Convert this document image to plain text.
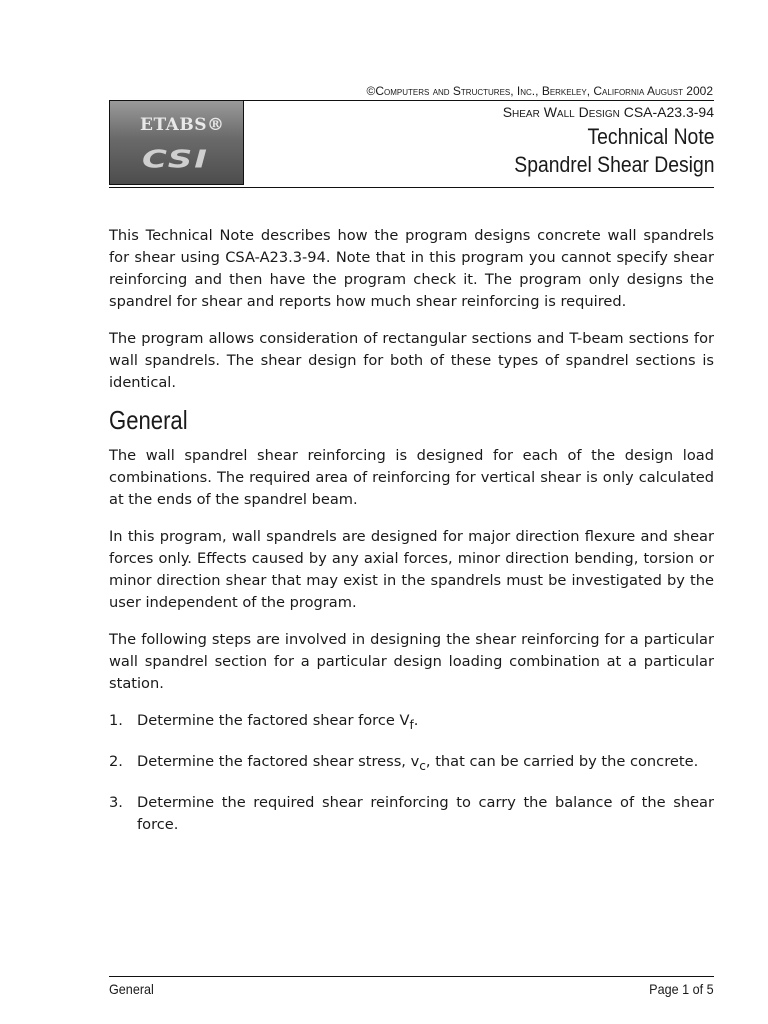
©Computers and Structures, Inc., Berkeley, California August 2002
ETABS®
CSI
Shear Wall Design CSA-A23.3-94
Technical Note
Spandrel Shear Design

This Technical Note describes how the program designs concrete wall spandrels for shear using CSA-A23.3-94. Note that in this program you cannot specify shear reinforcing and then have the program check it. The program only designs the spandrel for shear and reports how much shear reinforcing is required.

The program allows consideration of rectangular sections and T-beam sections for wall spandrels. The shear design for both of these types of spandrel sections is identical.

General

The wall spandrel shear reinforcing is designed for each of the design load combinations. The required area of reinforcing for vertical shear is only calculated at the ends of the spandrel beam.

In this program, wall spandrels are designed for major direction flexure and shear forces only. Effects caused by any axial forces, minor direction bending, torsion or minor direction shear that may exist in the spandrels must be investigated by the user independent of the program.

The following steps are involved in designing the shear reinforcing for a particular wall spandrel section for a particular design loading combination at a particular station.

1. Determine the factored shear force $V_f$.
2. Determine the factored shear stress, $v_c$, that can be carried by the concrete.
3. Determine the required shear reinforcing to carry the balance of the shear force.
General	Page 1 of 5
